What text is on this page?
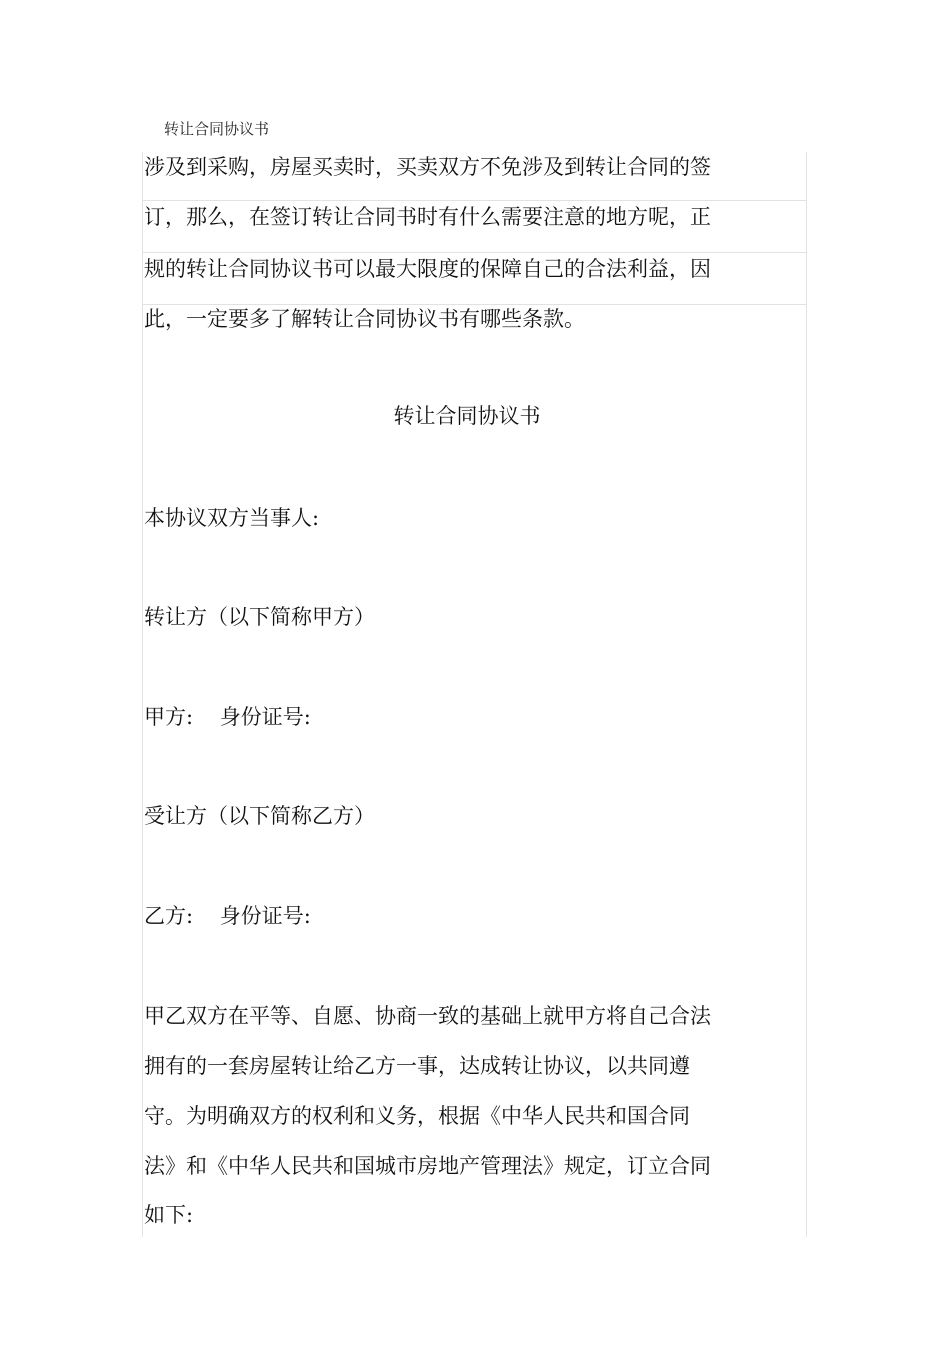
转让合同协议书
涉及到采购，房屋买卖时，买卖双方不免涉及到转让合同的签
订，那么，在签订转让合同书时有什么需要注意的地方呢，正
规的转让合同协议书可以最大限度的保障自己的合法利益，因
此，一定要多了解转让合同协议书有哪些条款。
转让合同协议书
本协议双方当事人:
转让方（以下简称甲方）
甲方:    身份证号:
受让方（以下简称乙方）
乙方:    身份证号:
甲乙双方在平等、自愿、协商一致的基础上就甲方将自己合法
拥有的一套房屋转让给乙方一事，达成转让协议，以共同遵
守。为明确双方的权利和义务，根据《中华人民共和国合同
法》和《中华人民共和国城市房地产管理法》规定，订立合同
如下:
